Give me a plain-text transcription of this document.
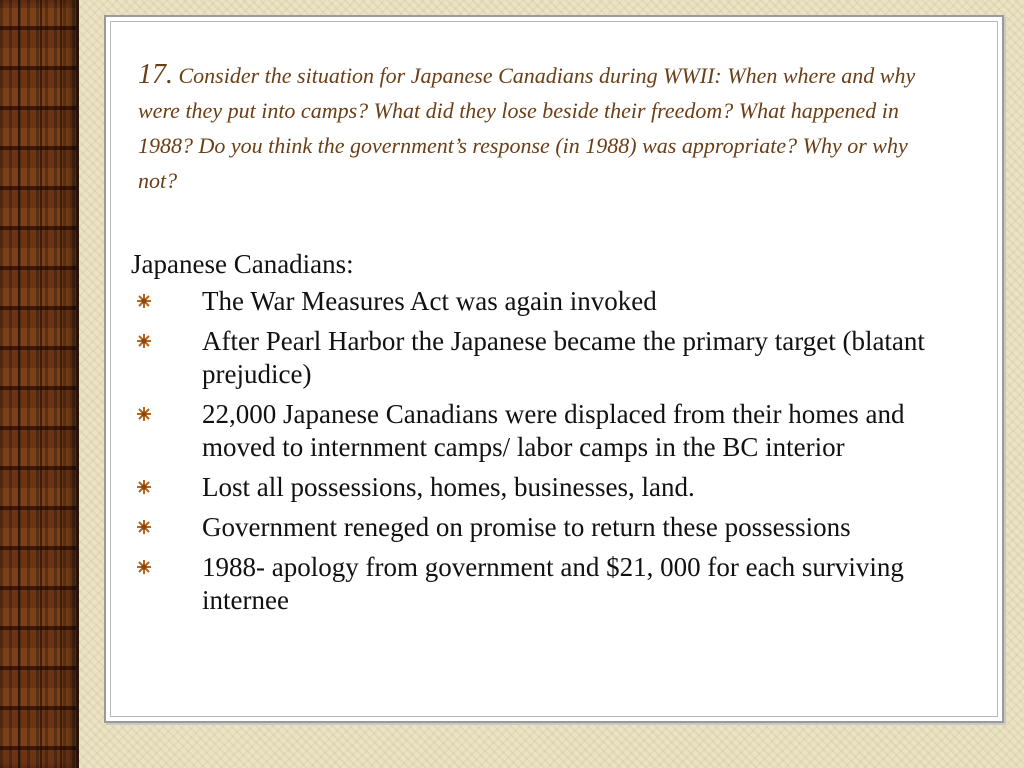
17. Consider the situation for Japanese Canadians during WWII: When where and why were they put into camps? What did they lose beside their freedom? What happened in 1988? Do you think the government’s response (in 1988) was appropriate? Why or why not?
Japanese Canadians:
The War Measures Act was again invoked
After Pearl Harbor the Japanese became the primary target (blatant prejudice)
22,000 Japanese Canadians were displaced from their homes and moved to internment camps/ labor camps in the BC interior
Lost all possessions, homes, businesses, land.
Government reneged on promise to return these possessions
1988- apology from government and $21, 000 for each surviving internee
